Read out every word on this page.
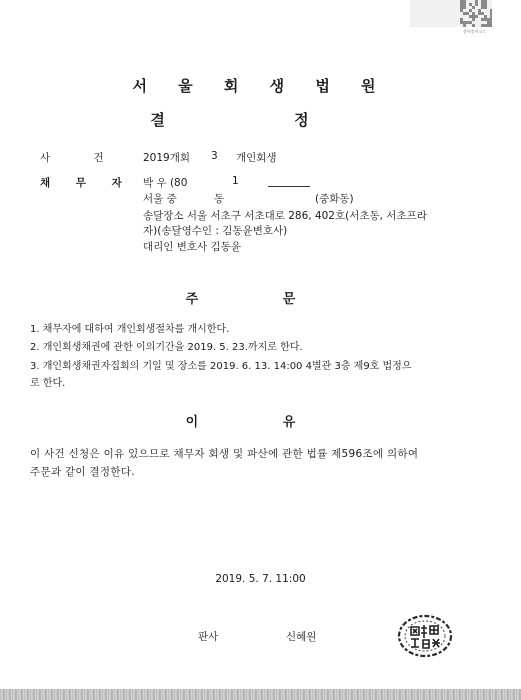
출력출력코드
서 울 회 생 법 원
결 정
사 건 2019개회 3 개인회생
채 무 자 박 우 (80	1
서울 중	동	(중화동)
송달장소 서울 서초구 서초대로 286, 402호(서초동, 서초프라
자)(송달영수인 : 김동윤변호사)
대리인 변호사 김동윤
주 문
1. 채무자에 대하여 개인회생절차를 개시한다.
2. 개인회생채권에 관한 이의기간을 2019. 5. 23.까지로 한다.
3. 개인회생채권자집회의 기일 및 장소를 2019. 6. 13. 14:00 4별관 3층 제9호 법정으
로 한다.
이 유
이 사건 신청은 이유 있으므로 채무자 회생 및 파산에 관한 법률 제596조에 의하여
주문과 같이 결정한다.
2019. 5. 7. 11:00
판사	신혜원
